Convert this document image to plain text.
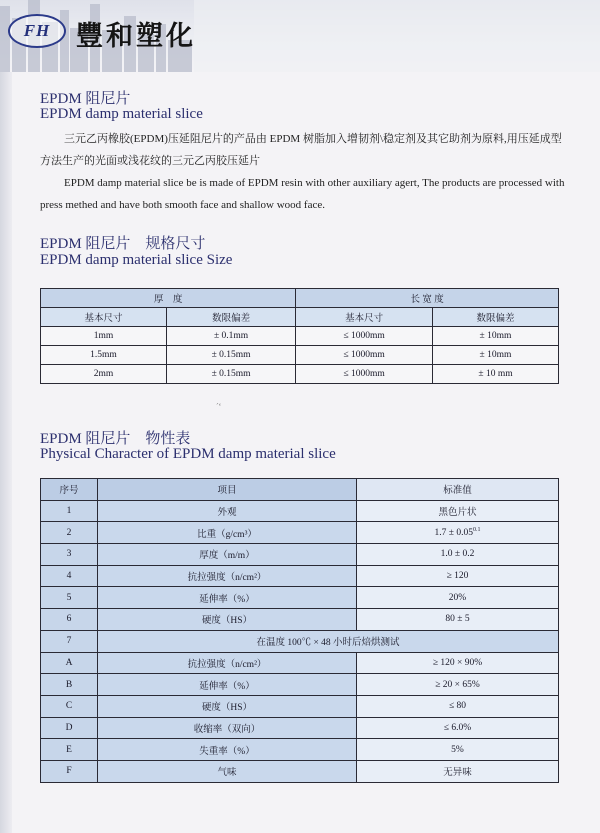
FH 豐和塑化
EPDM 阻尼片
EPDM damp material slice

三元乙丙橡胶(EPDM)压延阻尼片的产品由 EPDM 树脂加入增韧剂\稳定剂及其它助剂为原料,用压延成型方法生产的光面或浅花纹的三元乙丙胶压延片

EPDM damp material slice be is made of EPDM resin with other auxiliary agert, The products are processed with press methed and have both smooth face and shallow wood face.

EPDM 阻尼片　规格尺寸
EPDM damp material slice Size
厚　度		长 宽 度	
基本尺寸	数限偏差	基本尺寸	数限偏差
1mm	± 0.1mm	≤ 1000mm	± 10mm
1.5mm	± 0.15mm	≤ 1000mm	± 10mm
2mm	± 0.15mm	≤ 1000mm	± 10 mm
ˊ‘
EPDM 阻尼片　物性表
Physical Character of EPDM damp material slice
序号	项目	标准值
1	外观	黑色片状
2	比重（g/cm³）	$1.7 \pm 0.05^{0.1}$
3	厚度（m/m）	1.0 ± 0.2
4	抗拉强度（n/cm²）	≥ 120
5	延伸率（%）	20%
6	硬度（HS）	80 ± 5
7	在温度 100℃ × 48 小时后焙烘测试	
A	抗拉强度（n/cm²）	≥ 120 × 90%
B	延伸率（%）	≥ 20 × 65%
C	硬度（HS）	≤ 80
D	收缩率（双向）	≤ 6.0%
E	失重率（%）	5%
F	气味	无异味
